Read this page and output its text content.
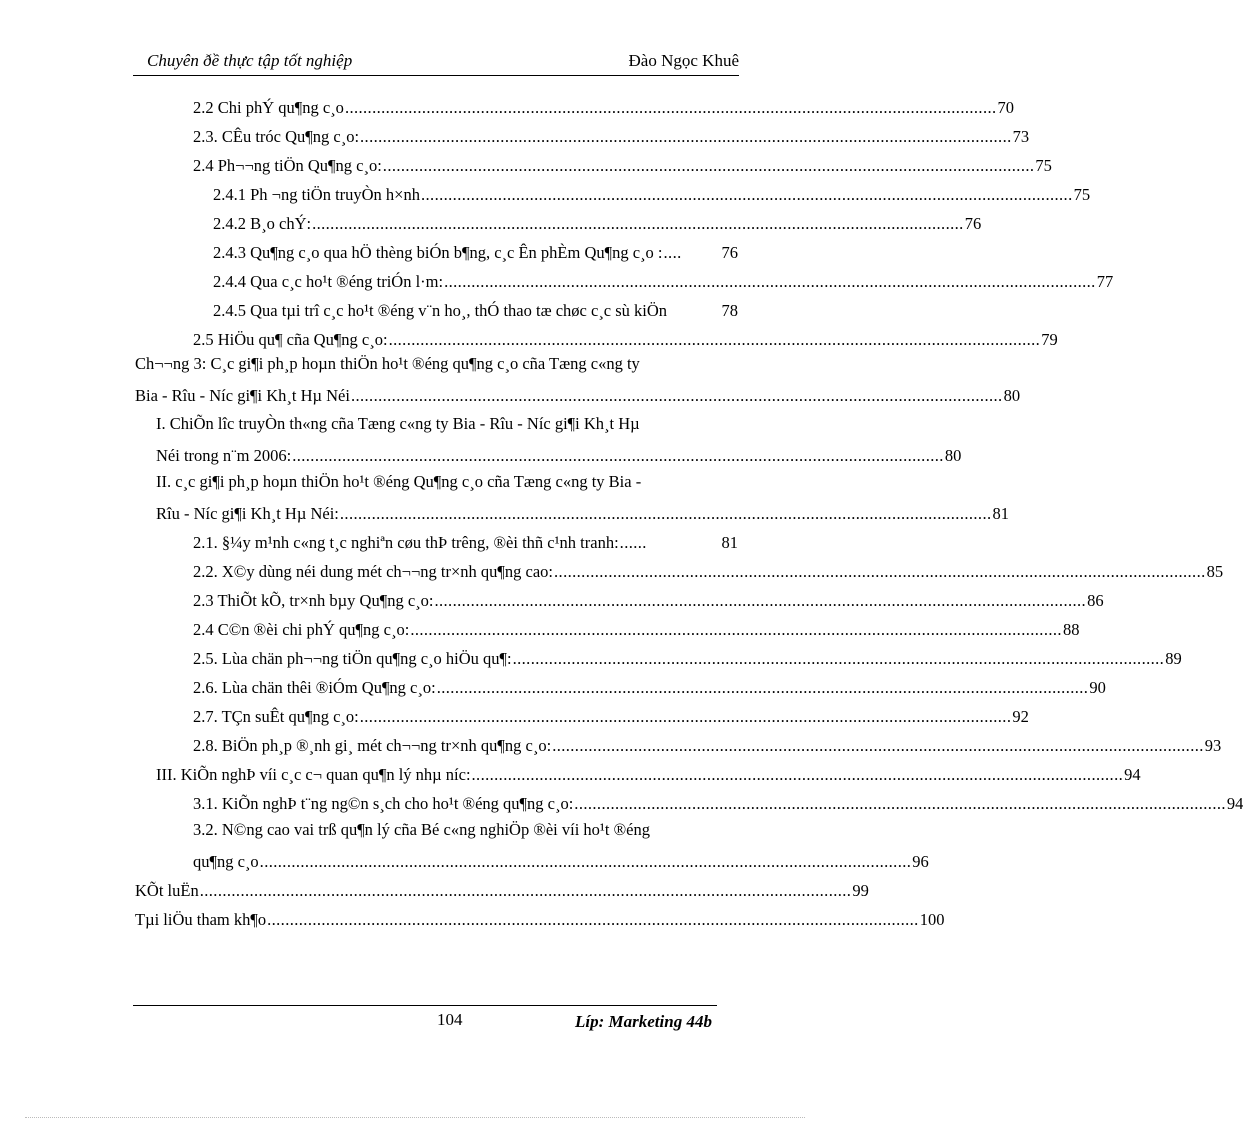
Chuyên ðề thực tập tốt nghiệp	Ðào Ngọc Khuê
2.2 Chi phÝ qu¶ng c¸o ................................................................................................................................................ 70
2.3. CÊu tróc Qu¶ng c¸o: ................................................................................................................................................ 73
2.4 Ph¬¬ng tiÖn Qu¶ng c¸o: ................................................................................................................................................ 75
2.4.1 Ph ¬ng tiÖn truyÒn h×nh ................................................................................................................................................ 75
2.4.2 B¸o chÝ: ................................................................................................................................................ 76
2.4.3 Qu¶ng c¸o qua hÖ thèng biÓn b¶ng, c¸c Ên phÈm Qu¶ng c¸o : ....	76
2.4.4 Qua c¸c ho¹t ®éng triÓn l·m: ................................................................................................................................................ 77
2.4.5 Qua tµi trî c¸c ho¹t ®éng v¨n ho¸, thÓ thao tæ chøc c¸c sù kiÖn	78
2.5 HiÖu qu¶ cña Qu¶ng c¸o: ................................................................................................................................................ 79
Ch¬¬ng 3: C¸c gi¶i ph¸p hoµn thiÖn ho¹t ®éng qu¶ng c¸o cña Tæng c«ng ty
Bia - Rîu - Níc gi¶i Kh¸t Hµ Néi ................................................................................................................................................ 80
I. ChiÕn lîc truyÒn th«ng cña Tæng c«ng ty Bia - Rîu - Níc gi¶i Kh¸t Hµ
Néi trong n¨m 2006: ................................................................................................................................................ 80
II. c¸c gi¶i ph¸p hoµn thiÖn ho¹t ®éng Qu¶ng c¸o cña Tæng c«ng ty Bia -
Rîu - Níc gi¶i Kh¸t Hµ Néi: ................................................................................................................................................ 81
2.1. §¼y m¹nh c«ng t¸c nghiªn cøu thÞ trêng, ®èi thñ c¹nh tranh: ......	81
2.2. X©y dùng néi dung mét ch¬¬ng tr×nh qu¶ng cao: ................................................................................................................................................ 85
2.3 ThiÕt kÕ, tr×nh bµy Qu¶ng c¸o: ................................................................................................................................................ 86
2.4 C©n ®èi chi phÝ qu¶ng c¸o: ................................................................................................................................................ 88
2.5. Lùa chän ph¬¬ng tiÖn qu¶ng c¸o hiÖu qu¶: ................................................................................................................................................ 89
2.6. Lùa chän thêi ®iÓm Qu¶ng c¸o: ................................................................................................................................................ 90
2.7. TÇn suÊt qu¶ng c¸o: ................................................................................................................................................ 92
2.8. BiÖn ph¸p ®¸nh gi¸ mét ch¬¬ng tr×nh qu¶ng c¸o: ................................................................................................................................................ 93
III. KiÕn nghÞ víi c¸c c¬ quan qu¶n lý nhµ níc: ................................................................................................................................................ 94
3.1. KiÕn nghÞ t¨ng ng©n s¸ch cho ho¹t ®éng qu¶ng c¸o: ................................................................................................................................................ 94
3.2. N©ng cao vai trß qu¶n lý cña Bé c«ng nghiÖp ®èi víi ho¹t ®éng
qu¶ng c¸o ................................................................................................................................................ 96
KÕt luËn ................................................................................................................................................ 99
Tµi liÖu tham kh¶o ................................................................................................................................................ 100
104	Líp: Marketing 44b
